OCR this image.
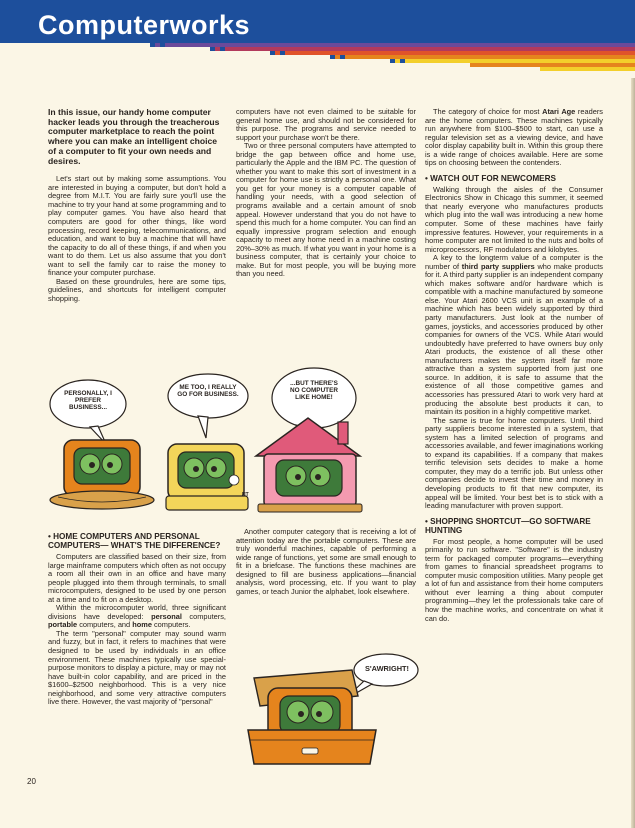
Computerworks
In this issue, our handy home computer hacker leads you through the treacherous computer marketplace to reach the point where you can make an intelligent choice of a computer to fit your own needs and desires.

Let's start out by making some assumptions. You are interested in buying a computer, but don't hold a degree from M.I.T. You are fairly sure you'll use the machine to try your hand at some programming and to play computer games. You have also heard that computers are good for other things, like word processing, record keeping, telecommunications, and education, and want to buy a machine that will have the capacity to do all of these things, if and when you want to do them. Let us also assume that you don't want to sell the family car to raise the money to finance your computer purchase.

Based on these groundrules, here are some tips, guidelines, and shortcuts for intelligent computer shopping.

• HOME COMPUTERS AND PERSONAL COMPUTERS— WHAT'S THE DIFFERENCE?

Computers are classified based on their size, from large mainframe computers which often as not occupy a room all their own in an office and have many people plugged into them through terminals, to small microcomputers, designed to be used by one person at a time and to fit on a desktop.

Within the microcomputer world, three significant divisions have developed: personal computers, portable computers, and home computers.

The term "personal" computer may sound warm and fuzzy, but in fact, it refers to machines that were designed to be used by individuals in an office environment. These machines typically use special-purpose monitors to display a picture, may or may not have built-in color capability, and are priced in the $1600–$2500 neighborhood. This is a very nice neighborhood, and some very attractive computers live there. However, the vast majority of "personal"

computers have not even claimed to be suitable for general home use, and should not be considered for this purpose. The programs and service needed to support your purchase won't be there.

Two or three personal computers have attempted to bridge the gap between office and home use, particularly the Apple and the IBM PC. The question of whether you want to make this sort of investment in a computer for home use is strictly a personal one. What you get for your money is a computer capable of handling your needs, with a good selection of programs available and a certain amount of snob appeal. However understand that you do not have to spend this much for a home computer. You can find an equally impressive program selection and enough capacity to meet any home need in a machine costing 20%–30% as much. If what you want in your home is a business computer, that is certainly your choice to make. But for most people, you will be buying more than you need.

Another computer category that is receiving a lot of attention today are the portable computers. These are truly wonderful machines, capable of performing a wide range of functions, yet some are small enough to fit in a briefcase. The functions these machines are designed to fill are business applications—financial analysis, word processing, etc. If you want to play games, or teach Junior the alphabet, look elsewhere.

The category of choice for most Atari Age readers are the home computers. These machines typically run anywhere from $100–$500 to start, can use a regular television set as a viewing device, and have color display capability built in. Within this group there is a wide range of choices available. Here are some tips on choosing between the contenders.

• WATCH OUT FOR NEWCOMERS

Walking through the aisles of the Consumer Electronics Show in Chicago this summer, it seemed that nearly everyone who manufactures products which plug into the wall was introducing a new home computer. Some of these machines have fairly impressive features. However, your requirements in a home computer are not limited to the nuts and bolts of microprocessors, RF modulators and kilobytes.

A key to the longterm value of a computer is the number of third party suppliers who make products for it. A third party supplier is an independent company which makes software and/or hardware which is compatible with a machine manufactured by someone else. Your Atari 2600 VCS unit is an example of a machine which has been widely supported by third party manufacturers. Just look at the number of games, joysticks, and accessories produced by other companies for owners of the VCS. While Atari would undoubtedly have preferred to have owners buy only Atari products, the existence of all these other manufacturers makes the system itself far more attractive than a system supported from just one source. In addition, it is safe to assume that the existence of all those competitive games and accessories has pressured Atari to work very hard at producing the absolute best products it can, to maintain its position in a highly competitive market.

The same is true for home computers. Until third party suppliers become interested in a system, that system has a limited selection of programs and accessories available, and fewer imaginations working to expand its capabilities. If a company that makes terrific television sets decides to make a home computer, they may do a terrific job. But unless other companies decide to invest their time and money in developing products to fit that new computer, its appeal will be limited. Your best bet is to stick with a leading manufacturer with proven support.

• SHOPPING SHORTCUT—GO SOFTWARE HUNTING

For most people, a home computer will be used primarily to run software. "Software" is the industry term for packaged computer programs—everything from games to financial spreadsheet programs to computer music composition utilities. Many people get a lot of fun and assistance from their home computers without ever learning a thing about computer programming—they let the professionals take care of how the machine works, and concentrate on what it can do.

PERSONALLY, I PREFER BUSINESS...
ME TOO, I REALLY GO FOR BUSINESS.
...BUT THERE'S NO COMPUTER LIKE HOME!
NT
S'AWRIGHT!
20
